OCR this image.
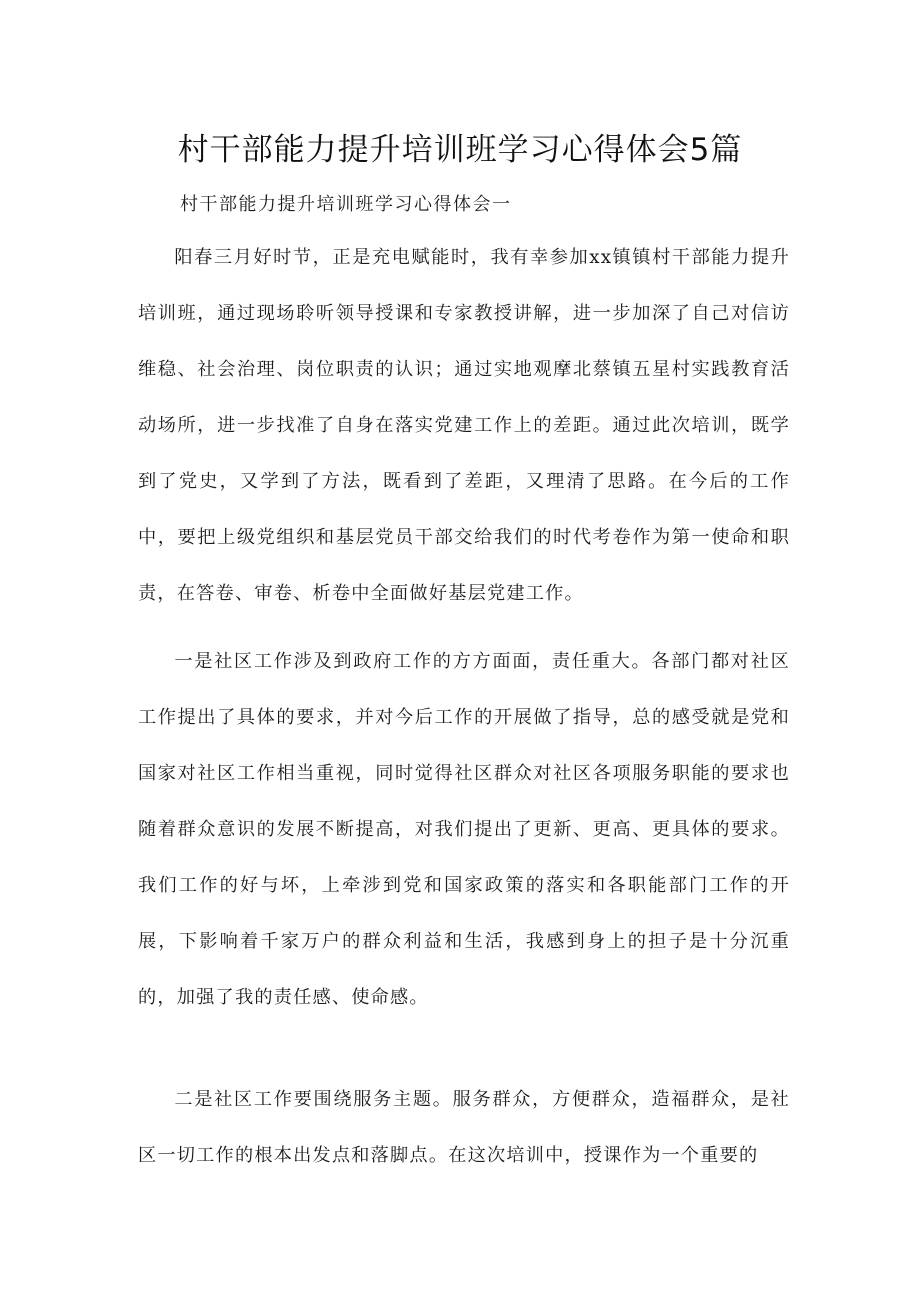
村干部能力提升培训班学习心得体会5篇

村干部能力提升培训班学习心得体会一

阳春三月好时节，正是充电赋能时，我有幸参加xx镇镇村干部能力提升培训班，通过现场聆听领导授课和专家教授讲解，进一步加深了自己对信访维稳、社会治理、岗位职责的认识；通过实地观摩北蔡镇五星村实践教育活动场所，进一步找准了自身在落实党建工作上的差距。通过此次培训，既学到了党史，又学到了方法，既看到了差距，又理清了思路。在今后的工作中，要把上级党组织和基层党员干部交给我们的时代考卷作为第一使命和职责，在答卷、审卷、析卷中全面做好基层党建工作。

一是社区工作涉及到政府工作的方方面面，责任重大。各部门都对社区工作提出了具体的要求，并对今后工作的开展做了指导，总的感受就是党和国家对社区工作相当重视，同时觉得社区群众对社区各项服务职能的要求也随着群众意识的发展不断提高，对我们提出了更新、更高、更具体的要求。我们工作的好与坏，上牵涉到党和国家政策的落实和各职能部门工作的开展，下影响着千家万户的群众利益和生活，我感到身上的担子是十分沉重的，加强了我的责任感、使命感。

二是社区工作要围绕服务主题。服务群众，方便群众，造福群众，是社区一切工作的根本出发点和落脚点。在这次培训中，授课作为一个重要的
